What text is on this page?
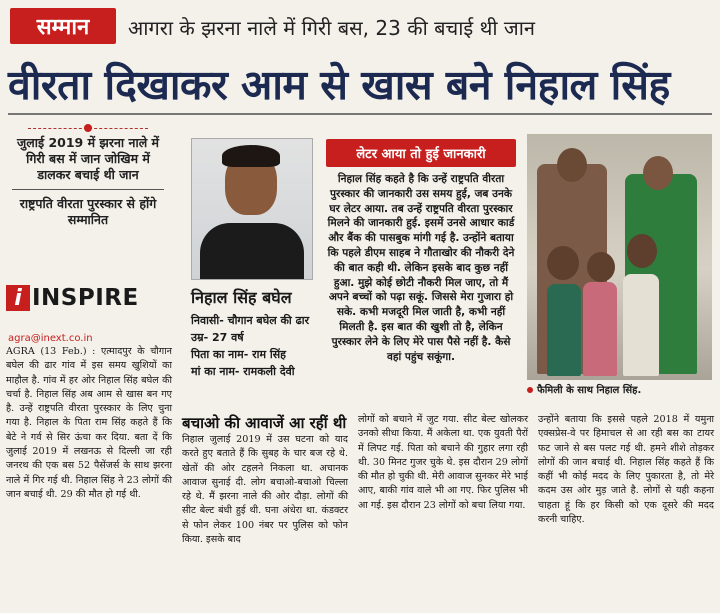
सम्मान	आगरा के झरना नाले में गिरी बस, 23 की बचाई थी जान
वीरता दिखाकर आम से खास बने निहाल सिंह

जुलाई 2019 में झरना नाले में गिरी बस में जान जोखिम में डालकर बचाई थी जान

राष्ट्रपति वीरता पुरस्कार से होंगे सम्मानित

i INSPIRE
agra@inext.co.in
AGRA (13 Feb.) : एत्मादपुर के चौगान बघेल की ढार गांव में इस समय खुशियों का माहौल है. गांव में हर ओर निहाल सिंह बघेल की चर्चा है. निहाल सिंह अब आम से खास बन गए है. उन्हें राष्ट्रपति वीरता पुरस्कार के लिए चुना गया है. निहाल के पिता राम सिंह कहते हैं कि बेटे ने गर्व से सिर ऊंचा कर दिया. बता दें कि जुलाई 2019 में लखनऊ से दिल्ली जा रही जनरथ की एक बस 52 पैसेंजर्स के साथ झरना नाले में गिर गई थी. निहाल सिंह ने 23 लोगों की जान बचाई थी. 29 की मौत हो गई थी.
निहाल सिंह बघेल
निवासी- चौगान बघेल की ढार
उम्र- 27 वर्ष
पिता का नाम- राम सिंह
मां का नाम- रामकली देवी
लेटर आया तो हुई जानकारी
निहाल सिंह कहते है कि उन्हें राष्ट्रपति वीरता पुरस्कार की जानकारी उस समय हुई, जब उनके घर लेटर आया. तब उन्हें राष्ट्रपति वीरता पुरस्कार मिलने की जानकारी हुई. इसमें उनसे आधार कार्ड और बैंक की पासबुक मांगी गई है. उन्होंने बताया कि पहले डीएम साहब ने गौताखोर की नौकरी देने की बात कही थी. लेकिन इसके बाद कुछ नहीं हुआ. मुझे कोई छोटी नौकरी मिल जाए, तो मैं अपने बच्चों को पढ़ा सकूं. जिससे मेरा गुजारा हो सके. कभी मजदूरी मिल जाती है, कभी नहीं मिलती है. इस बात की खुशी तो है, लेकिन पुरस्कार लेने के लिए मेरे पास पैसे नहीं है. कैसे वहां पहुंच सकूंगा.
फैमिली के साथ निहाल सिंह.
बचाओ की आवाजें आ रहीं थी
निहाल जुलाई 2019 में उस घटना को याद करते हुए बताते हैं कि सुबह के चार बज रहे थे. खेतों की ओर टहलने निकला था. अचानक आवाज सुनाई दी. लोग बचाओ-बचाओ चिल्ला रहे थे. मैं झरना नाले की ओर दौड़ा. लोगों की सीट बेल्ट बंधी हुई थी. घना अंधेरा था. कंडक्टर से फोन लेकर 100 नंबर पर पुलिस को फोन किया. इसके बाद
लोगों को बचाने में जुट गया. सीट बेल्ट खोलकर उनको सीधा किया. मैं अकेला था. एक युवती पैरों में लिपट गई. पिता को बचाने की गुहार लगा रही थी. 30 मिनट गुजर चुके थे. इस दौरान 29 लोगों की मौत हो चुकी थी. मेरी आवाज सुनकर मेरे भाई आए, बाकी गांव वाले भी आ गए. फिर पुलिस भी आ गई. इस दौरान 23 लोगों को बचा लिया गया.
उन्होंने बताया कि इससे पहले 2018 में यमुना एक्सप्रेस-वे पर हिमाचल से आ रही बस का टायर फट जाने से बस पलट गई थी. हमने शीशे तोड़कर लोगों की जान बचाई थी. निहाल सिंह कहते हैं कि कहीं भी कोई मदद के लिए पुकारता है, तो मेरे कदम उस ओर मुड़ जाते है. लोगों से यही कहना चाहता हूं कि हर किसी को एक दूसरे की मदद करनी चाहिए.
